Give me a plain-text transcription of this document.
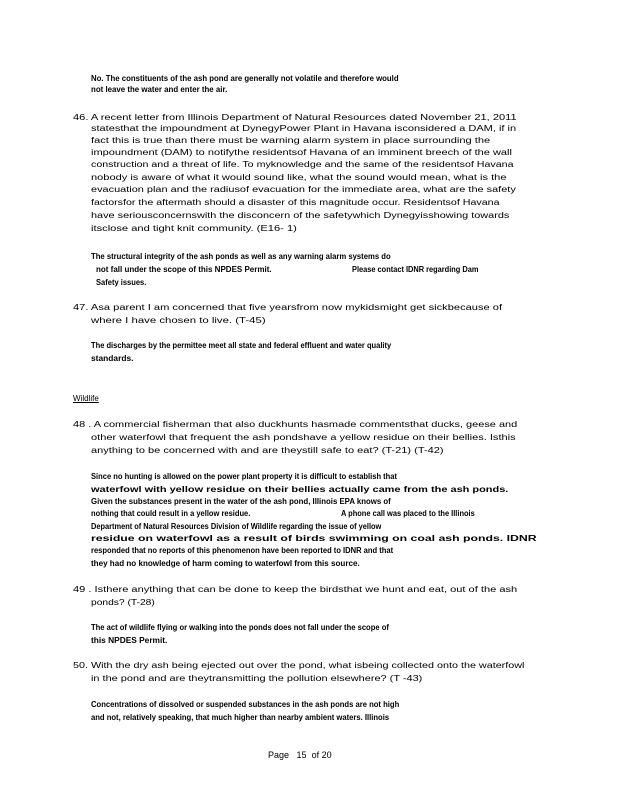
No. The constituents of the ash pond are generally not volatile and therefore would
not leave the water and enter the air.
46. A recent letter from Illinois Department of Natural Resources dated November 21, 2011
statesthat the impoundment at DynegyPower Plant in Havana isconsidered a DAM, if in
fact this is true than there must be warning alarm system in place surrounding the
impoundment (DAM) to notifythe residentsof Havana of an imminent breech of the wall
construction and a threat of life. To myknowledge and the same of the residentsof Havana
nobody is aware of what it would sound like, what the sound would mean, what is the
evacuation plan and the radiusof evacuation for the immediate area, what are the safety
factorsfor the aftermath should a disaster of this magnitude occur. Residentsof Havana
have seriousconcernswith the disconcern of the safetywhich Dynegyisshowing towards
itsclose and tight knit community. (E16- 1)
The structural integrity of the ash ponds as well as any warning alarm systems do
not fall under the scope of this NPDES Permit.	Please contact IDNR regarding Dam
Safety issues.
47. Asa parent I am concerned that five yearsfrom now mykidsmight get sickbecause of
where I have chosen to live. (T-45)
The discharges by the permittee meet all state and federal effluent and water quality
standards.
Wildlife
48 . A commercial fisherman that also duckhunts hasmade commentsthat ducks, geese and
other waterfowl that frequent the ash pondshave a yellow residue on their bellies. Isthis
anything to be concerned with and are theystill safe to eat? (T-21) (T-42)
Since no hunting is allowed on the power plant property it is difficult to establish that
waterfowl with yellow residue on their bellies actually came from the ash ponds.
Given the substances present in the water of the ash pond, Illinois EPA knows of
nothing that could result in a yellow residue.	A phone call was placed to the Illinois
Department of Natural Resources Division of Wildlife regarding the issue of yellow
residue on waterfowl as a result of birds swimming on coal ash ponds. IDNR
responded that no reports of this phenomenon have been reported to IDNR and that
they had no knowledge of harm coming to waterfowl from this source.
49 . Isthere anything that can be done to keep the birdsthat we hunt and eat, out of the ash
ponds? (T-28)
The act of wildlife flying or walking into the ponds does not fall under the scope of
this NPDES Permit.
50. With the dry ash being ejected out over the pond, what isbeing collected onto the waterfowl
in the pond and are theytransmitting the pollution elsewhere? (T -43)
Concentrations of dissolved or suspended substances in the ash ponds are not high
and not, relatively speaking, that much higher than nearby ambient waters. Illinois
Page 15 of 20
